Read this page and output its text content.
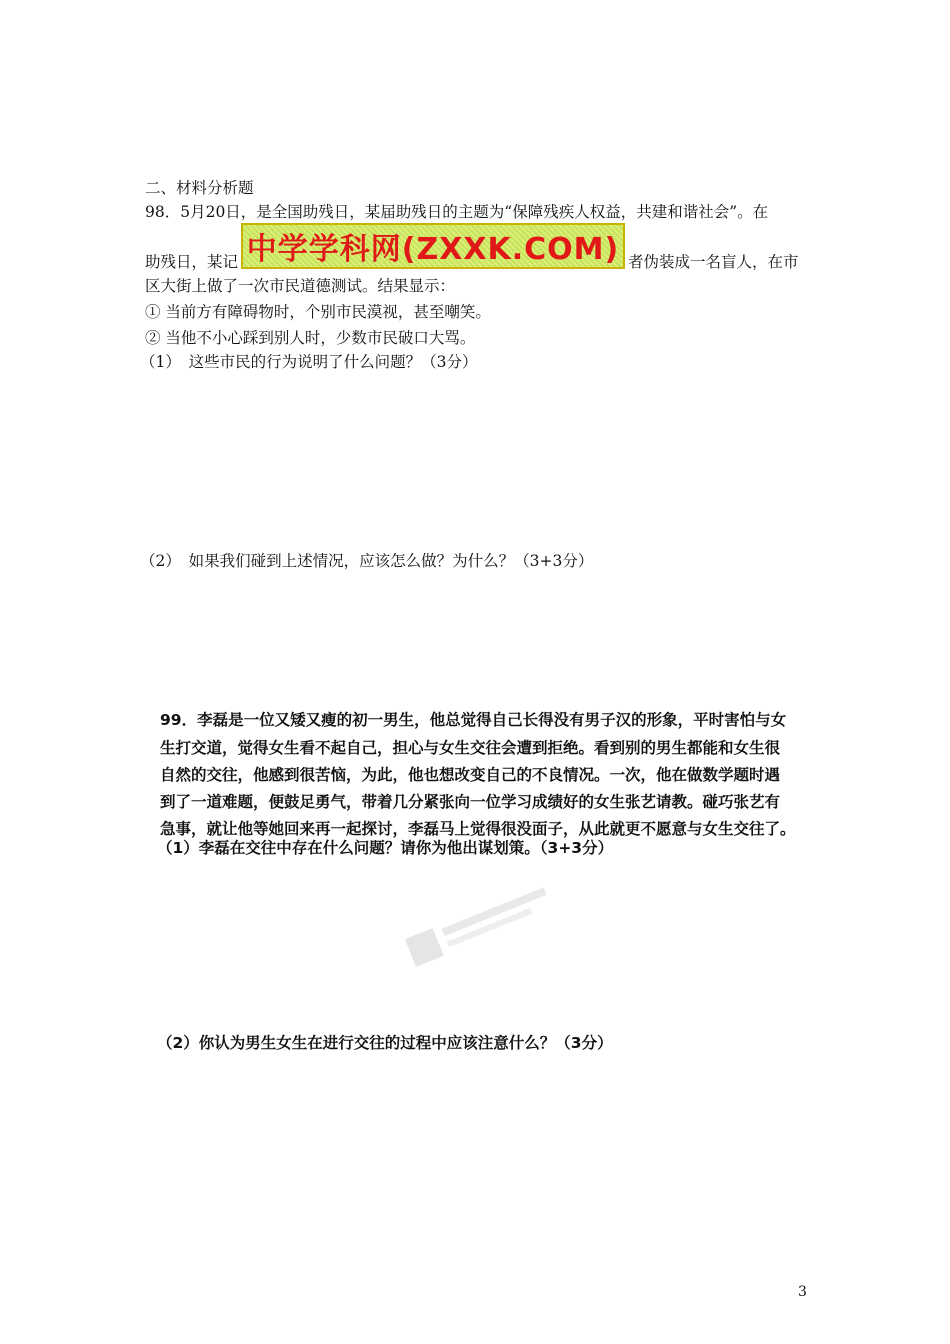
二、材料分析题
98．5月20日，是全国助残日，某届助残日的主题为“保障残疾人权益，共建和谐社会”。在
助残日，某记 中学学科网(ZXXK.COM) 者伪装成一名盲人，在市
区大街上做了一次市民道德测试。结果显示：
① 当前方有障碍物时，个别市民漠视，甚至嘲笑。
② 当他不小心踩到别人时，少数市民破口大骂。
（1）　这些市民的行为说明了什么问题？（3分）
（2）　如果我们碰到上述情况，应该怎么做？为什么？（3+3分）
99．李磊是一位又矮又瘦的初一男生，他总觉得自己长得没有男子汉的形象，平时害怕与女
生打交道，觉得女生看不起自己，担心与女生交往会遭到拒绝。看到别的男生都能和女生很
自然的交往，他感到很苦恼，为此，他也想改变自己的不良情况。一次，他在做数学题时遇
到了一道难题，便鼓足勇气，带着几分紧张向一位学习成绩好的女生张艺请教。碰巧张艺有
急事，就让他等她回来再一起探讨，李磊马上觉得很没面子，从此就更不愿意与女生交往了。
（1）李磊在交往中存在什么问题？请你为他出谋划策。（3+3分）
（2）你认为男生女生在进行交往的过程中应该注意什么？（3分）
3
